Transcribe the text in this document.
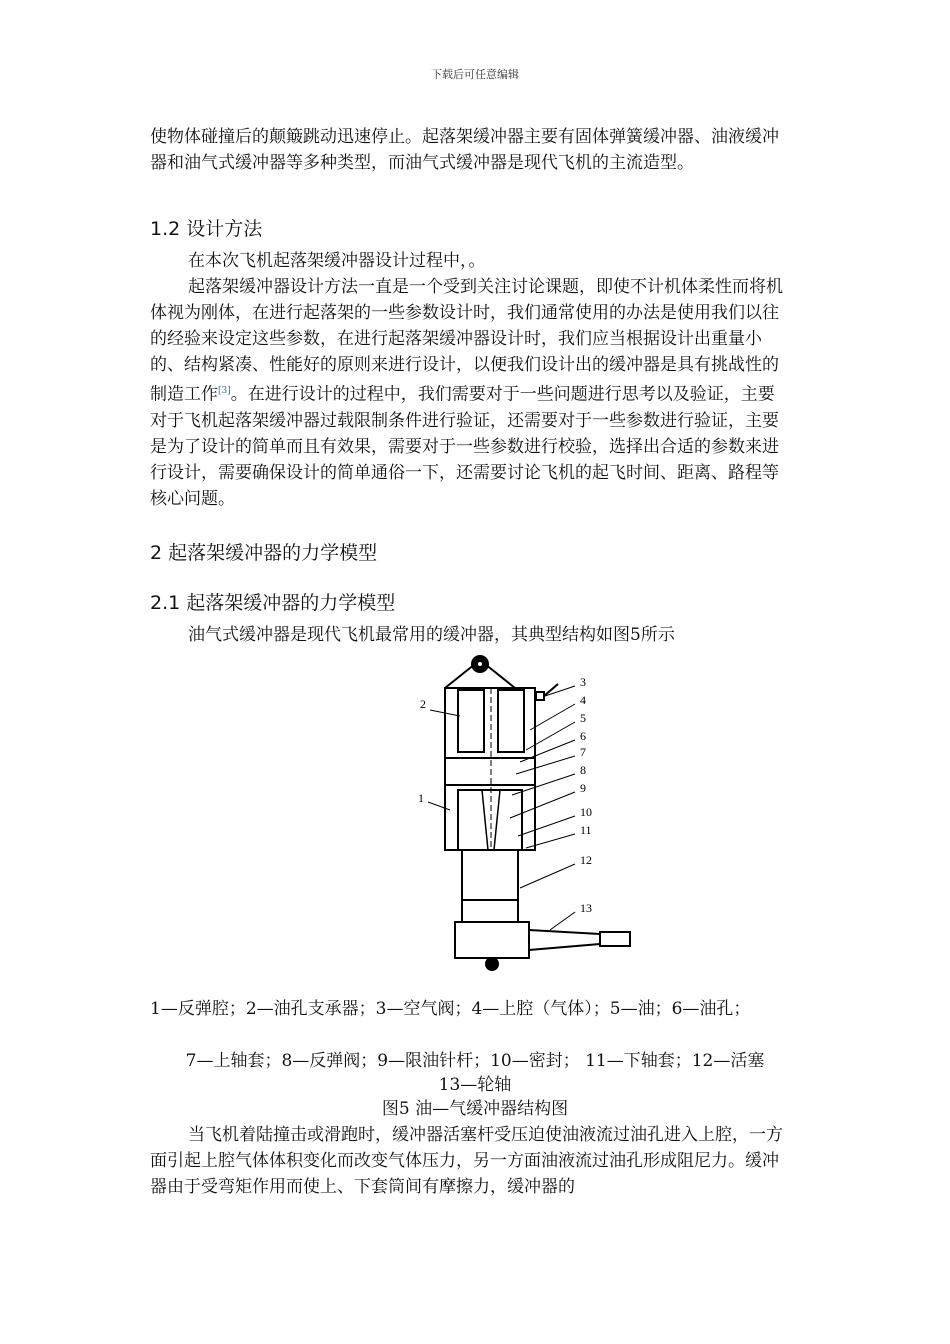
下载后可任意编辑

使物体碰撞后的颠簸跳动迅速停止。起落架缓冲器主要有固体弹簧缓冲器、油液缓冲器和油气式缓冲器等多种类型，而油气式缓冲器是现代飞机的主流造型。

1.2 设计方法

在本次飞机起落架缓冲器设计过程中，。

起落架缓冲器设计方法一直是一个受到关注讨论课题，即使不计机体柔性而将机体视为刚体，在进行起落架的一些参数设计时，我们通常使用的办法是使用我们以往的经验来设定这些参数，在进行起落架缓冲器设计时，我们应当根据设计出重量小的、结构紧凑、性能好的原则来进行设计，以便我们设计出的缓冲器是具有挑战性的制造工作[3]。在进行设计的过程中，我们需要对于一些问题进行思考以及验证，主要对于飞机起落架缓冲器过载限制条件进行验证，还需要对于一些参数进行验证，主要是为了设计的简单而且有效果，需要对于一些参数进行校验，选择出合适的参数来进行设计，需要确保设计的简单通俗一下，还需要讨论飞机的起飞时间、距离、路程等核心问题。

2 起落架缓冲器的力学模型
2.1 起落架缓冲器的力学模型

油气式缓冲器是现代飞机最常用的缓冲器，其典型结构如图5所示

2
1
3
4
5
6
7
8
9
10
11
12
13

1—反弹腔；2—油孔支承器；3—空气阀；4—上腔（气体）；5—油；6—油孔；

7—上轴套；8—反弹阀；9—限油针杆；10—密封； 11—下轴套；12—活塞

13—轮轴

图5 油—气缓冲器结构图

当飞机着陆撞击或滑跑时，缓冲器活塞杆受压迫使油液流过油孔进入上腔，一方面引起上腔气体体积变化而改变气体压力，另一方面油液流过油孔形成阻尼力。缓冲器由于受弯矩作用而使上、下套筒间有摩擦力，缓冲器的
